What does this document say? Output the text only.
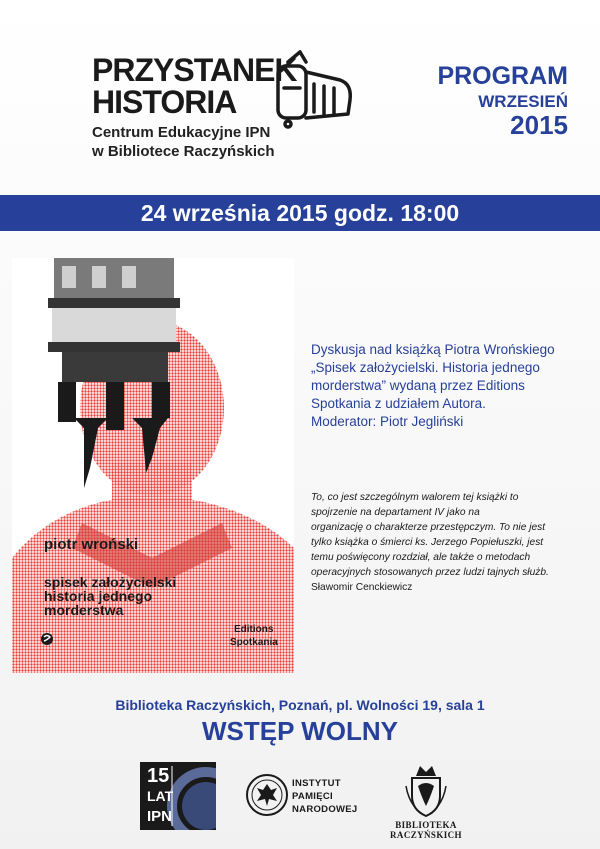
PRZYSTANEK
HISTORIA
Centrum Edukacyjne IPN
w Bibliotece Raczyńskich
PROGRAM
WRZESIEŃ
2015
24 września 2015 godz. 18:00
piotr wroński
spisek założycielski
historia jednego
morderstwa
Editions
Spotkania
Dyskusja nad książką Piotra Wrońskiego
„Spisek założycielski. Historia jednego
morderstwa” wydaną przez Editions
Spotkania z udziałem Autora.
Moderator: Piotr Jegliński
To, co jest szczególnym walorem tej książki to
spojrzenie na departament IV jako na
organizację o charakterze przestępczym. To nie jest
tylko książka o śmierci ks. Jerzego Popiełuszki, jest
temu poświęcony rozdział, ale także o metodach
operacyjnych stosowanych przez ludzi tajnych służb.
Sławomir Cenckiewicz
Biblioteka Raczyńskich, Poznań, pl. Wolności 19, sala 1
WSTĘP WOLNY
15
LAT
IPN
INSTYTUT
PAMIĘCI
NARODOWEJ
BIBLIOTEKA
RACZYŃSKICH
